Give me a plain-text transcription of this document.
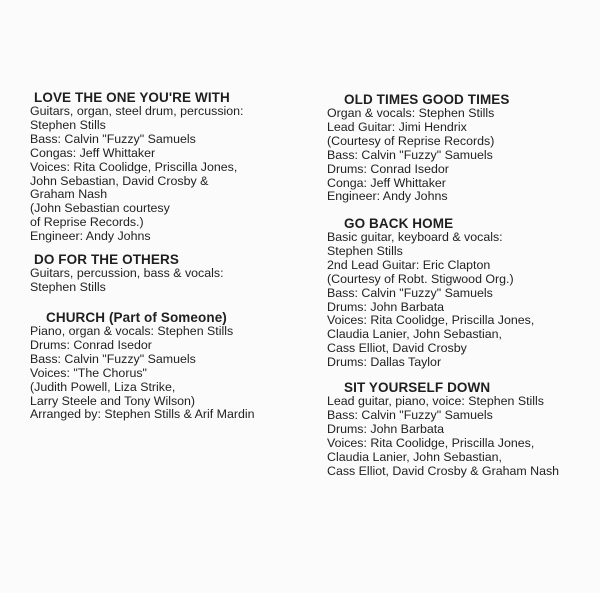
LOVE THE ONE YOU'RE WITH
Guitars, organ, steel drum, percussion:
Stephen Stills
Bass: Calvin "Fuzzy" Samuels
Congas: Jeff Whittaker
Voices: Rita Coolidge, Priscilla Jones,
John Sebastian, David Crosby &
Graham Nash
(John Sebastian courtesy
of Reprise Records.)
Engineer: Andy Johns
DO FOR THE OTHERS
Guitars, percussion, bass & vocals:
Stephen Stills
CHURCH (Part of Someone)
Piano, organ & vocals: Stephen Stills
Drums: Conrad Isedor
Bass: Calvin "Fuzzy" Samuels
Voices: "The Chorus"
(Judith Powell, Liza Strike,
Larry Steele and Tony Wilson)
Arranged by: Stephen Stills & Arif Mardin
OLD TIMES GOOD TIMES
Organ & vocals: Stephen Stills
Lead Guitar: Jimi Hendrix
(Courtesy of Reprise Records)
Bass: Calvin "Fuzzy" Samuels
Drums: Conrad Isedor
Conga: Jeff Whittaker
Engineer: Andy Johns
GO BACK HOME
Basic guitar, keyboard & vocals:
Stephen Stills
2nd Lead Guitar: Eric Clapton
(Courtesy of Robt. Stigwood Org.)
Bass: Calvin "Fuzzy" Samuels
Drums: John Barbata
Voices: Rita Coolidge, Priscilla Jones,
Claudia Lanier, John Sebastian,
Cass Elliot, David Crosby
Drums: Dallas Taylor
SIT YOURSELF DOWN
Lead guitar, piano, voice: Stephen Stills
Bass: Calvin "Fuzzy" Samuels
Drums: John Barbata
Voices: Rita Coolidge, Priscilla Jones,
Claudia Lanier, John Sebastian,
Cass Elliot, David Crosby & Graham Nash
